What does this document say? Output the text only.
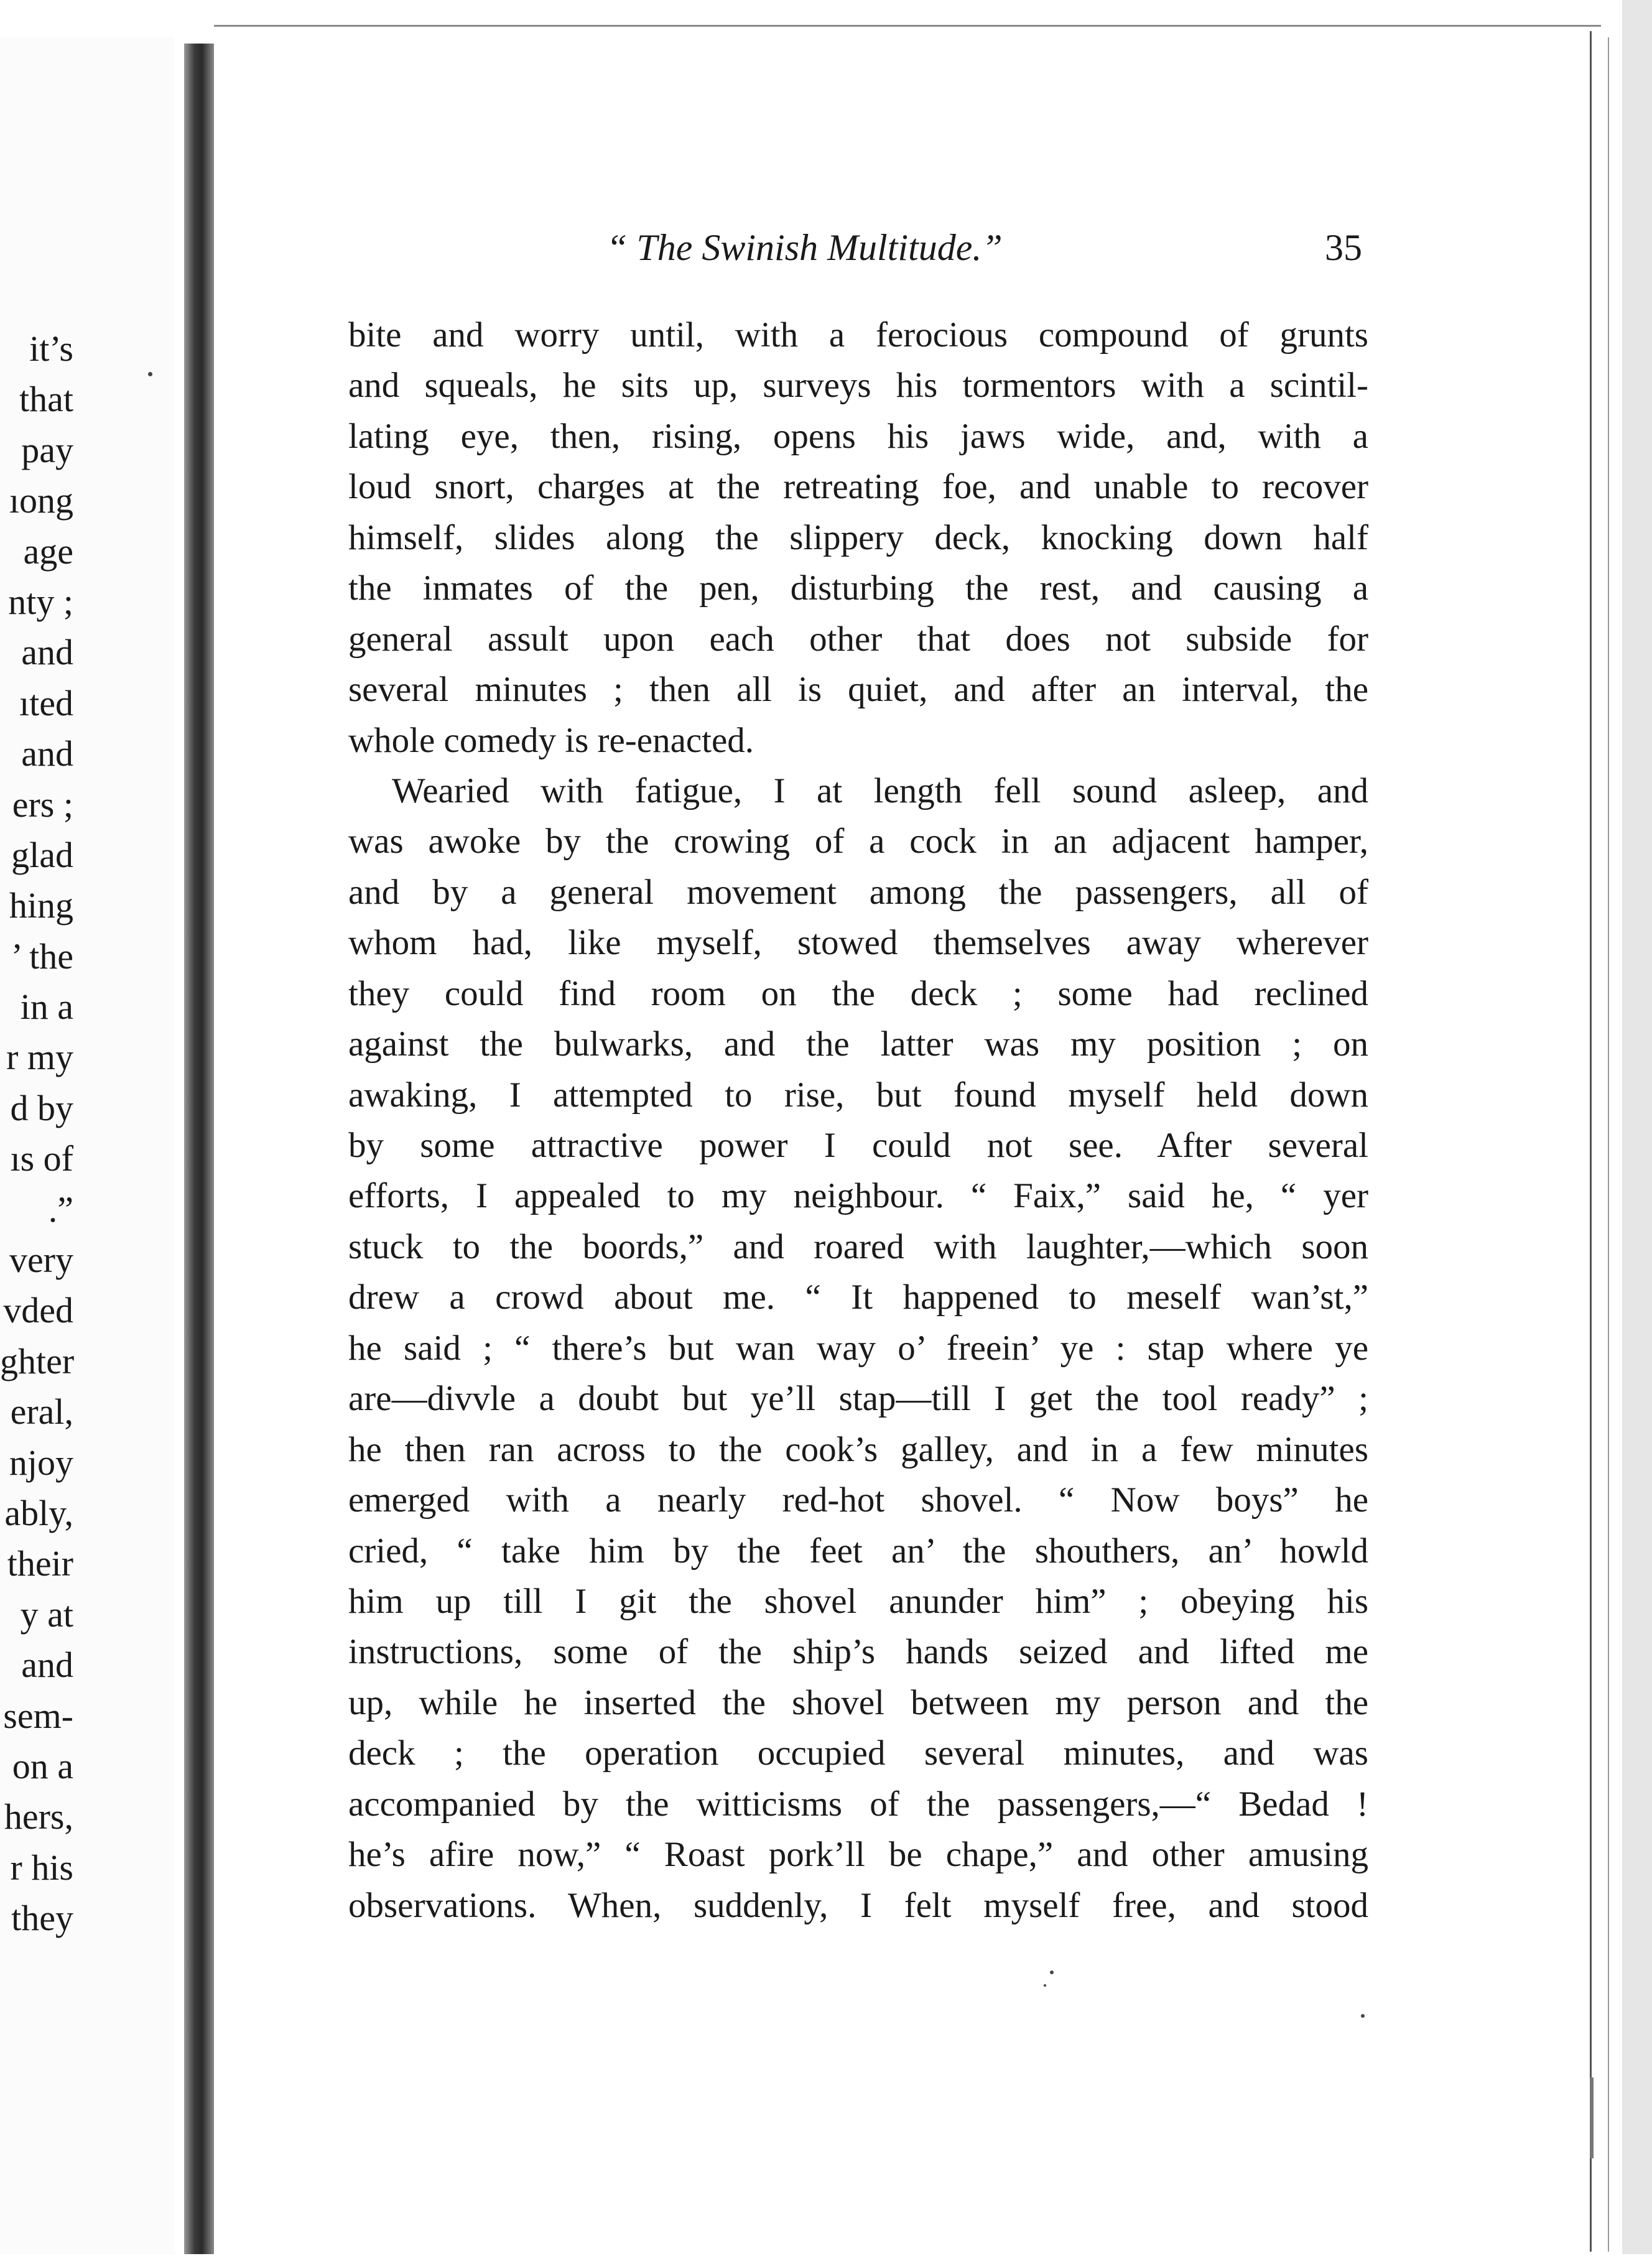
it’s
that
pay
ıong
age
nty ;
and
ıted
and
ers ;
glad
hing
’ the
in a
r my
d by
ıs of
.”
very
vded
ghter
eral,
njoy
ably,
their
y at
and
sem-
on a
hers,
r his
they
“ The Swinish Multitude.”	35
bite and worry until, with a ferocious compound of grunts
and squeals, he sits up, surveys his tormentors with a scintil-
lating eye, then, rising, opens his jaws wide, and, with a
loud snort, charges at the retreating foe, and unable to recover
himself, slides along the slippery deck, knocking down half
the inmates of the pen, disturbing the rest, and causing a
general assult upon each other that does not subside for
several minutes ; then all is quiet, and after an interval, the
whole comedy is re-enacted.
Wearied with fatigue, I at length fell sound asleep, and
was awoke by the crowing of a cock in an adjacent hamper,
and by a general movement among the passengers, all of
whom had, like myself, stowed themselves away wherever
they could find room on the deck ; some had reclined
against the bulwarks, and the latter was my position ; on
awaking, I attempted to rise, but found myself held down
by some attractive power I could not see. After several
efforts, I appealed to my neighbour. “ Faix,” said he, “ yer
stuck to the boords,” and roared with laughter,—which soon
drew a crowd about me. “ It happened to meself wan’st,”
he said ; “ there’s but wan way o’ freein’ ye : stap where ye
are—divvle a doubt but ye’ll stap—till I get the tool ready” ;
he then ran across to the cook’s galley, and in a few minutes
emerged with a nearly red-hot shovel. “ Now boys” he
cried, “ take him by the feet an’ the shouthers, an’ howld
him up till I git the shovel anunder him” ; obeying his
instructions, some of the ship’s hands seized and lifted me
up, while he inserted the shovel between my person and the
deck ; the operation occupied several minutes, and was
accompanied by the witticisms of the passengers,—“ Bedad !
he’s afire now,” “ Roast pork’ll be chape,” and other amusing
observations. When, suddenly, I felt myself free, and stood
